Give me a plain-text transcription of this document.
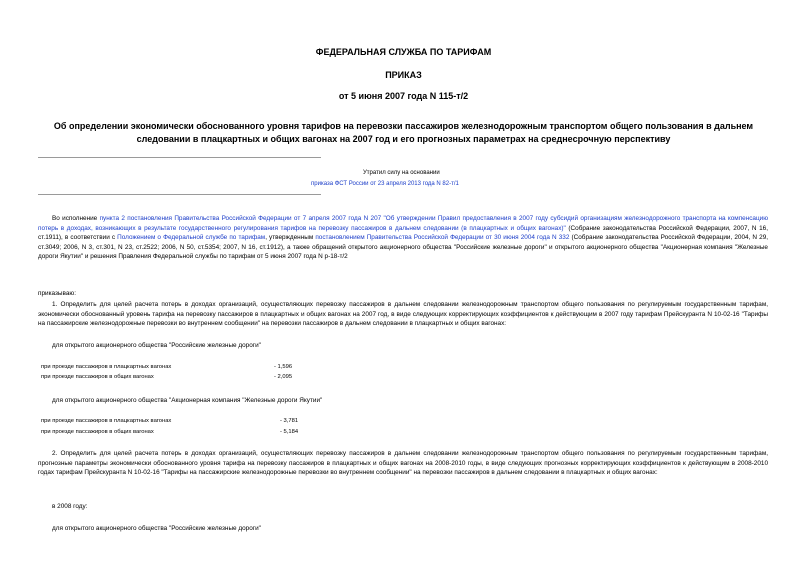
ФЕДЕРАЛЬНАЯ СЛУЖБА ПО ТАРИФАМ
ПРИКАЗ
от 5 июня 2007 года N 115-т/2
Об определении экономически обоснованного уровня тарифов на перевозки пассажиров железнодорожным транспортом общего пользования в дальнем следовании в плацкартных и общих вагонах на 2007 год и его прогнозных параметрах на среднесрочную перспективу
Утратил силу на основании
приказа ФСТ России от 23 апреля 2013 года N 82-т/1
Во исполнение пункта 2 постановления Правительства Российской Федерации от 7 апреля 2007 года N 207 "Об утверждении Правил предоставления в 2007 году субсидий организациям железнодорожного транспорта на компенсацию потерь в доходах, возникающих в результате государственного регулирования тарифов на перевозку пассажиров в дальнем следовании (в плацкартных и общих вагонах)" (Собрание законодательства Российской Федерации, 2007, N 16, ст.1911), в соответствии с Положением о Федеральной службе по тарифам, утвержденным постановлением Правительства Российской Федерации от 30 июня 2004 года N 332 (Собрание законодательства Российской Федерации, 2004, N 29, ст.3049; 2006, N 3, ст.301, N 23, ст.2522; 2006, N 50, ст.5354; 2007, N 16, ст.1912), а также обращений открытого акционерного общества "Российские железные дороги" и открытого акционерного общества "Акционерная компания "Железные дороги Якутии" и решения Правления Федеральной службы по тарифам от 5 июня 2007 года N р-18-т/2
приказываю:
1. Определить для целей расчета потерь в доходах организаций, осуществляющих перевозку пассажиров в дальнем следовании железнодорожным транспортом общего пользования по регулируемым государственным тарифам, экономически обоснованный уровень тарифа на перевозку пассажиров в плацкартных и общих вагонах на 2007 год, в виде следующих корректирующих коэффициентов к действующим в 2007 году тарифам Прейскуранта N 10-02-16 "Тарифы на пассажирские железнодорожные перевозки во внутреннем сообщении" на перевозки пассажиров в дальнем следовании в плацкартных и общих вагонах:
для открытого акционерного общества "Российские железные дороги"
при проезде пассажиров в плацкартных вагонах	- 1,596
при проезде пассажиров в общих вагонах	- 2,095
для открытого акционерного общества "Акционерная компания "Железные дороги Якутии"
при проезде пассажиров в плацкартных вагонах	- 3,781
при проезде пассажиров в общих вагонах	- 5,184
2. Определить для целей расчета потерь в доходах организаций, осуществляющих перевозку пассажиров в дальнем следовании железнодорожным транспортом общего пользования по регулируемым государственным тарифам, прогнозные параметры экономически обоснованного уровня тарифа на перевозку пассажиров в плацкартных и общих вагонах на 2008-2010 годы, в виде следующих прогнозных корректирующих коэффициентов к действующим в 2008-2010 годах тарифам Прейскуранта N 10-02-16 "Тарифы на пассажирские железнодорожные перевозки во внутреннем сообщении" на перевозки пассажиров в дальнем следовании в плацкартных и общих вагонах:
в 2008 году:
для открытого акционерного общества "Российские железные дороги"
